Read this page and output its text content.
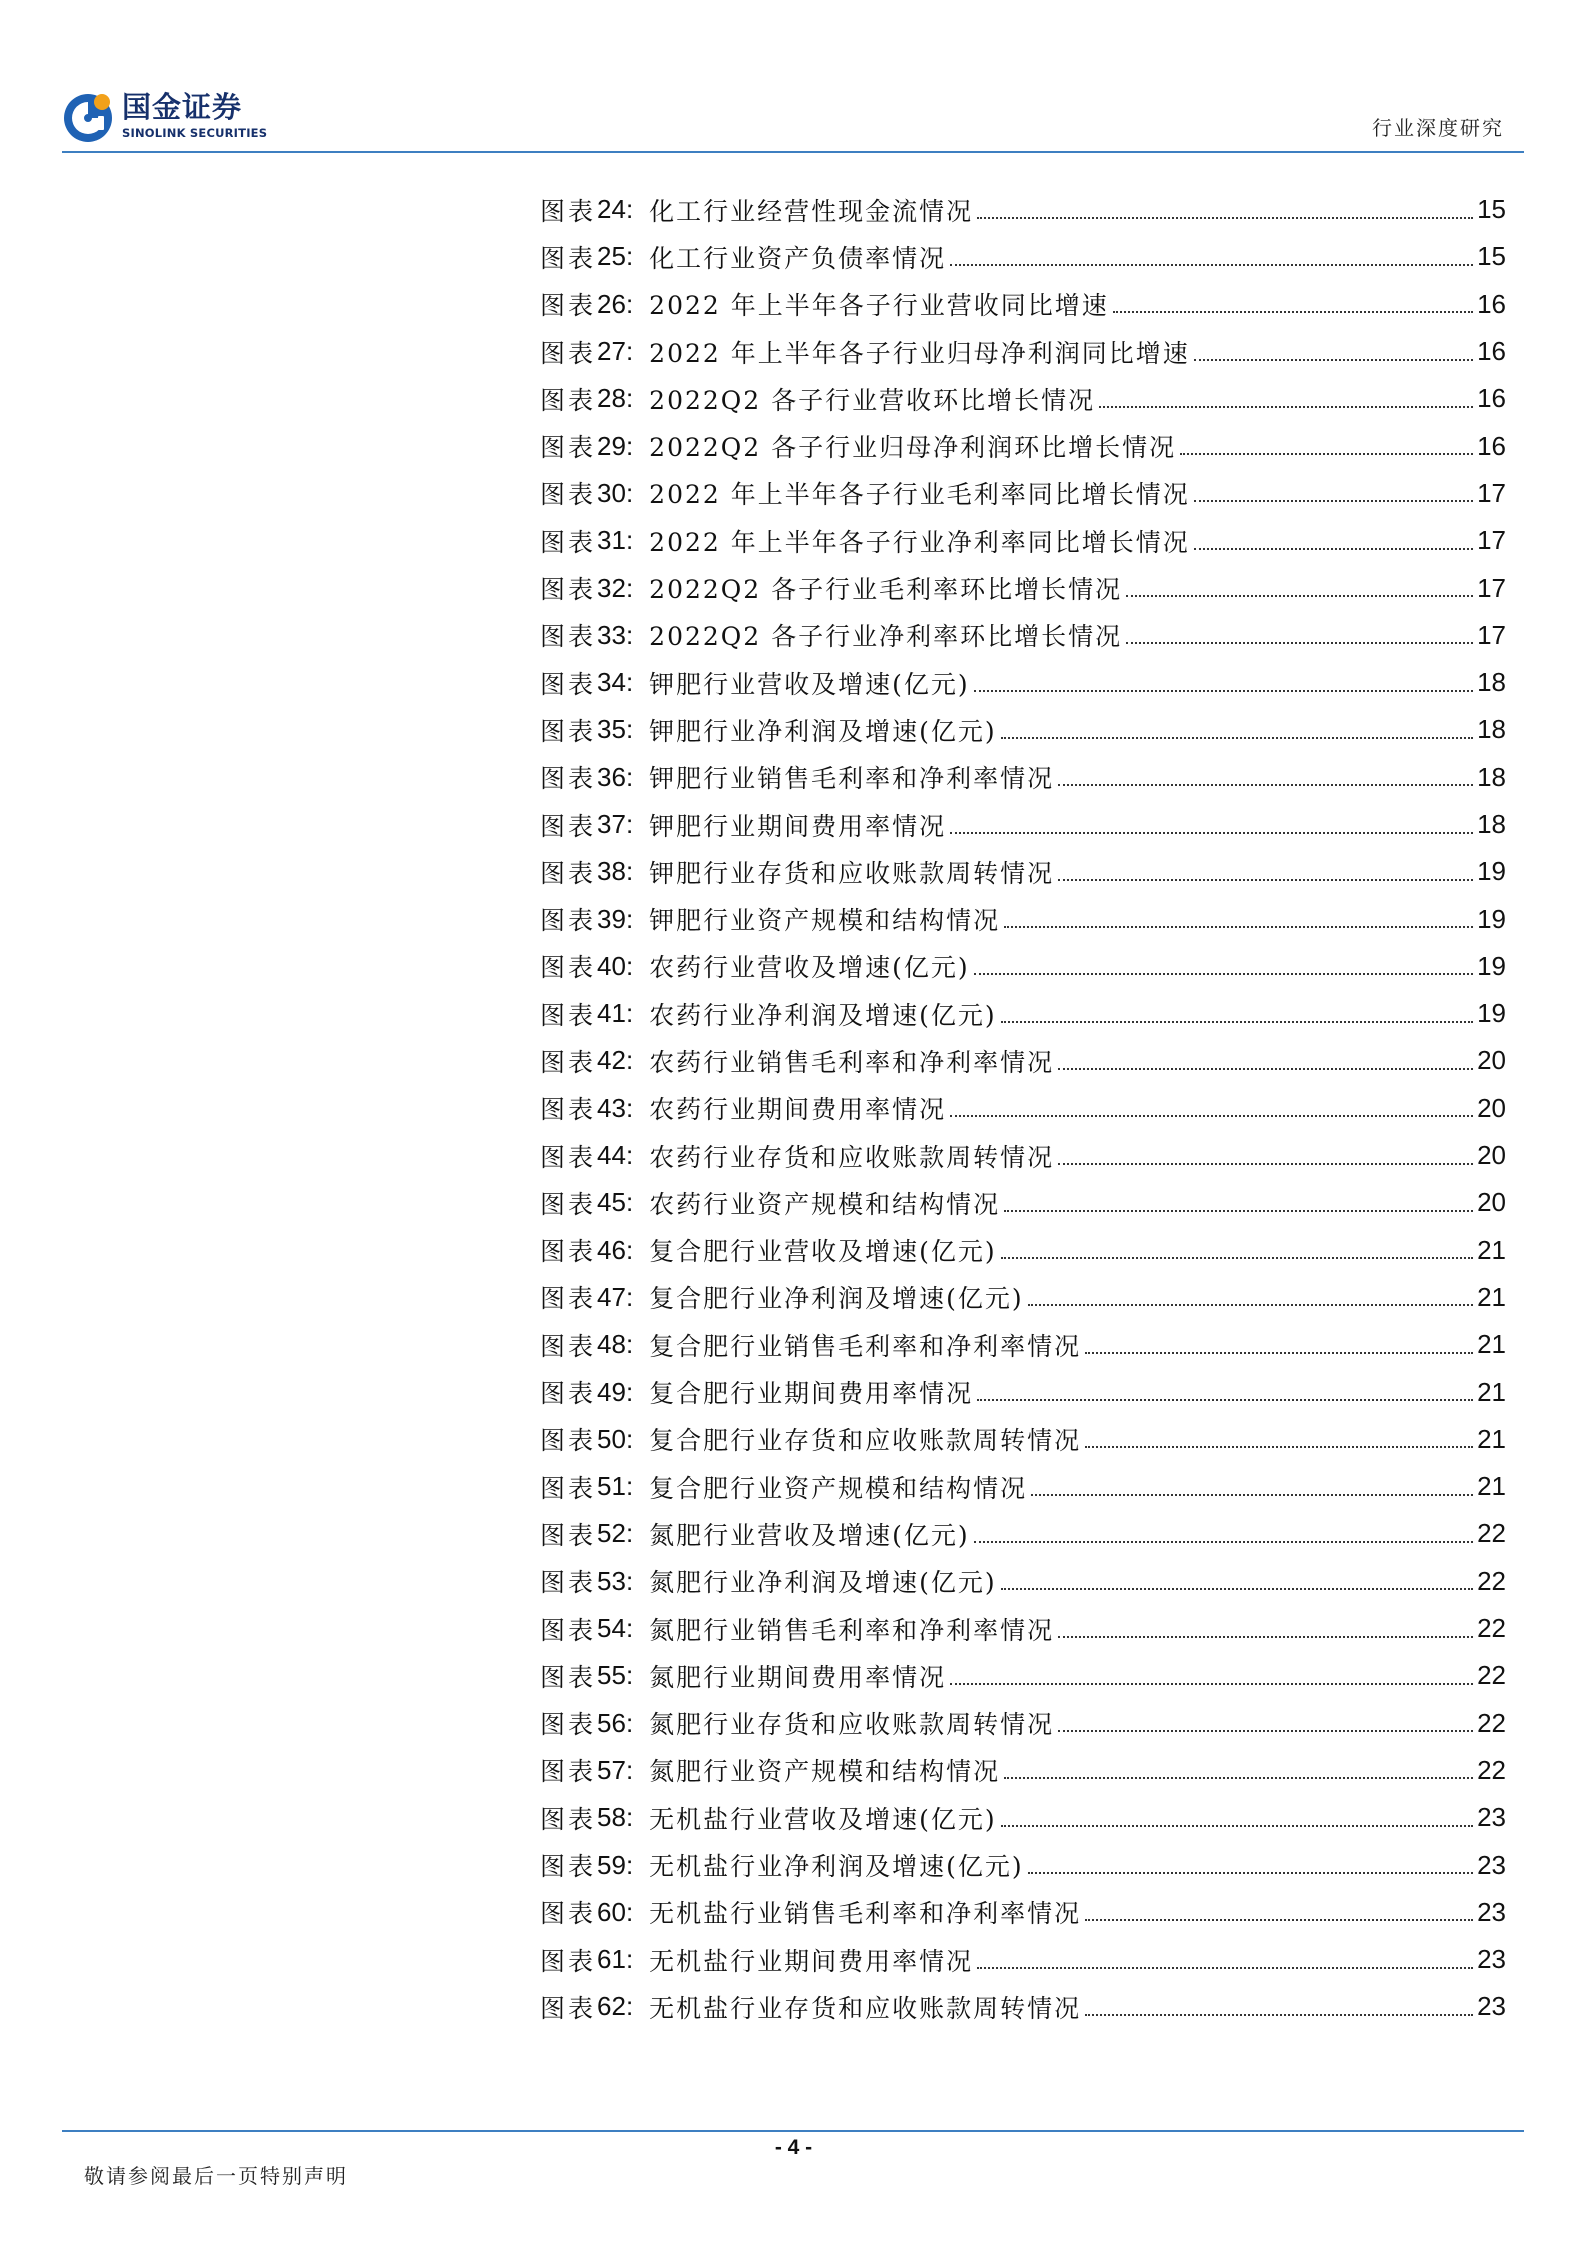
国金证券
SINOLINK SECURITIES	行业深度研究
图表 24 : 化工行业经营性现金流情况	15
图表 25 : 化工行业资产负债率情况	15
图表 26 : 2022 年上半年各子行业营收同比增速	16
图表 27 : 2022 年上半年各子行业归母净利润同比增速	16
图表 28 : 2022Q2 各子行业营收环比增长情况	16
图表 29 : 2022Q2 各子行业归母净利润环比增长情况	16
图表 30 : 2022 年上半年各子行业毛利率同比增长情况	17
图表 31 : 2022 年上半年各子行业净利率同比增长情况	17
图表 32 : 2022Q2 各子行业毛利率环比增长情况	17
图表 33 : 2022Q2 各子行业净利率环比增长情况	17
图表 34 : 钾肥行业营收及增速(亿元)	18
图表 35 : 钾肥行业净利润及增速(亿元)	18
图表 36 : 钾肥行业销售毛利率和净利率情况	18
图表 37 : 钾肥行业期间费用率情况	18
图表 38 : 钾肥行业存货和应收账款周转情况	19
图表 39 : 钾肥行业资产规模和结构情况	19
图表 40 : 农药行业营收及增速(亿元)	19
图表 41 : 农药行业净利润及增速(亿元)	19
图表 42 : 农药行业销售毛利率和净利率情况	20
图表 43 : 农药行业期间费用率情况	20
图表 44 : 农药行业存货和应收账款周转情况	20
图表 45 : 农药行业资产规模和结构情况	20
图表 46 : 复合肥行业营收及增速(亿元)	21
图表 47 : 复合肥行业净利润及增速(亿元)	21
图表 48 : 复合肥行业销售毛利率和净利率情况	21
图表 49 : 复合肥行业期间费用率情况	21
图表 50 : 复合肥行业存货和应收账款周转情况	21
图表 51 : 复合肥行业资产规模和结构情况	21
图表 52 : 氮肥行业营收及增速(亿元)	22
图表 53 : 氮肥行业净利润及增速(亿元)	22
图表 54 : 氮肥行业销售毛利率和净利率情况	22
图表 55 : 氮肥行业期间费用率情况	22
图表 56 : 氮肥行业存货和应收账款周转情况	22
图表 57 : 氮肥行业资产规模和结构情况	22
图表 58 : 无机盐行业营收及增速(亿元)	23
图表 59 : 无机盐行业净利润及增速(亿元)	23
图表 60 : 无机盐行业销售毛利率和净利率情况	23
图表 61 : 无机盐行业期间费用率情况	23
图表 62 : 无机盐行业存货和应收账款周转情况	23
- 4 -
敬请参阅最后一页特别声明
